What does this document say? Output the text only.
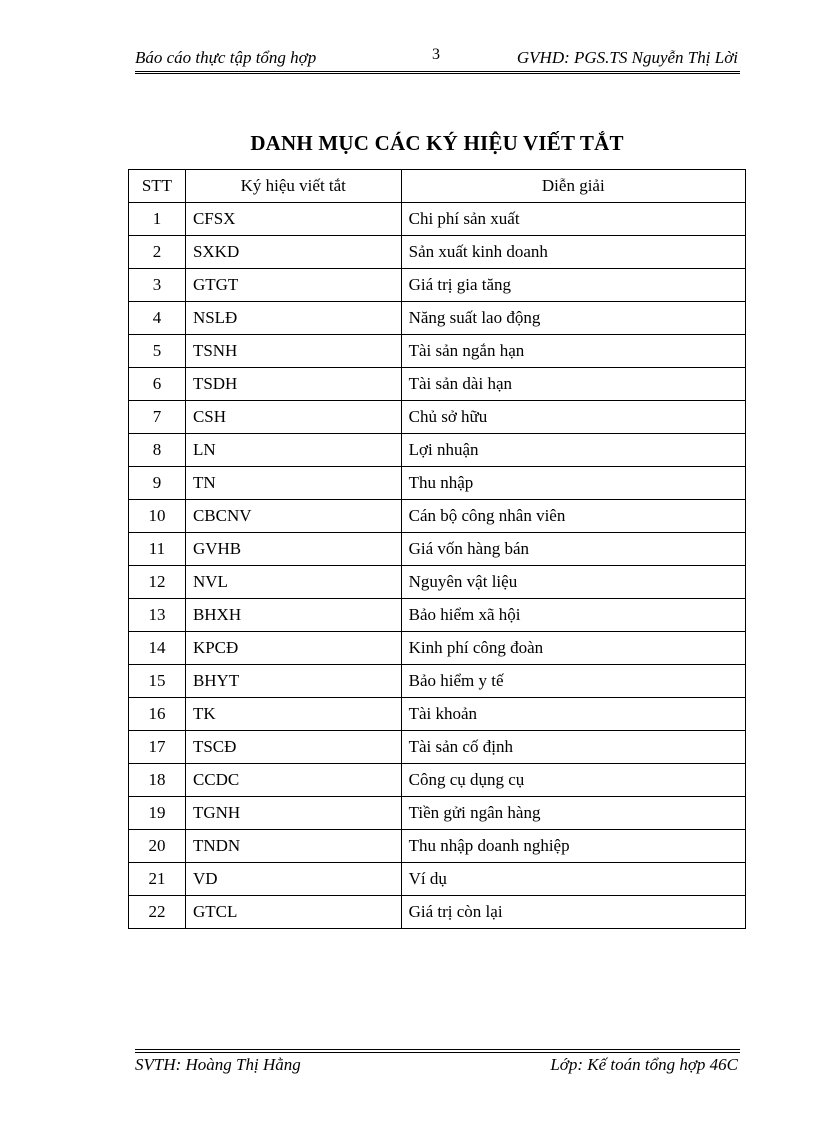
Báo cáo thực tập tổng hợp	3	GVHD: PGS.TS Nguyễn Thị Lời
DANH MỤC CÁC KÝ HIỆU VIẾT TẮT
STT	Ký hiệu viết tắt	Diễn giải
1	CFSX	Chi phí sản xuất
2	SXKD	Sản xuất kinh doanh
3	GTGT	Giá trị gia tăng
4	NSLĐ	Năng suất lao động
5	TSNH	Tài sản ngắn hạn
6	TSDH	Tài sản dài hạn
7	CSH	Chủ sở hữu
8	LN	Lợi nhuận
9	TN	Thu nhập
10	CBCNV	Cán bộ công nhân viên
11	GVHB	Giá vốn hàng bán
12	NVL	Nguyên vật liệu
13	BHXH	Bảo hiểm xã hội
14	KPCĐ	Kinh phí công đoàn
15	BHYT	Bảo hiểm y tế
16	TK	Tài khoản
17	TSCĐ	Tài sản cố định
18	CCDC	Công cụ dụng cụ
19	TGNH	Tiền gửi ngân hàng
20	TNDN	Thu nhập doanh nghiệp
21	VD	Ví dụ
22	GTCL	Giá trị còn lại
SVTH: Hoàng Thị Hằng	Lớp: Kế toán tổng hợp 46C
